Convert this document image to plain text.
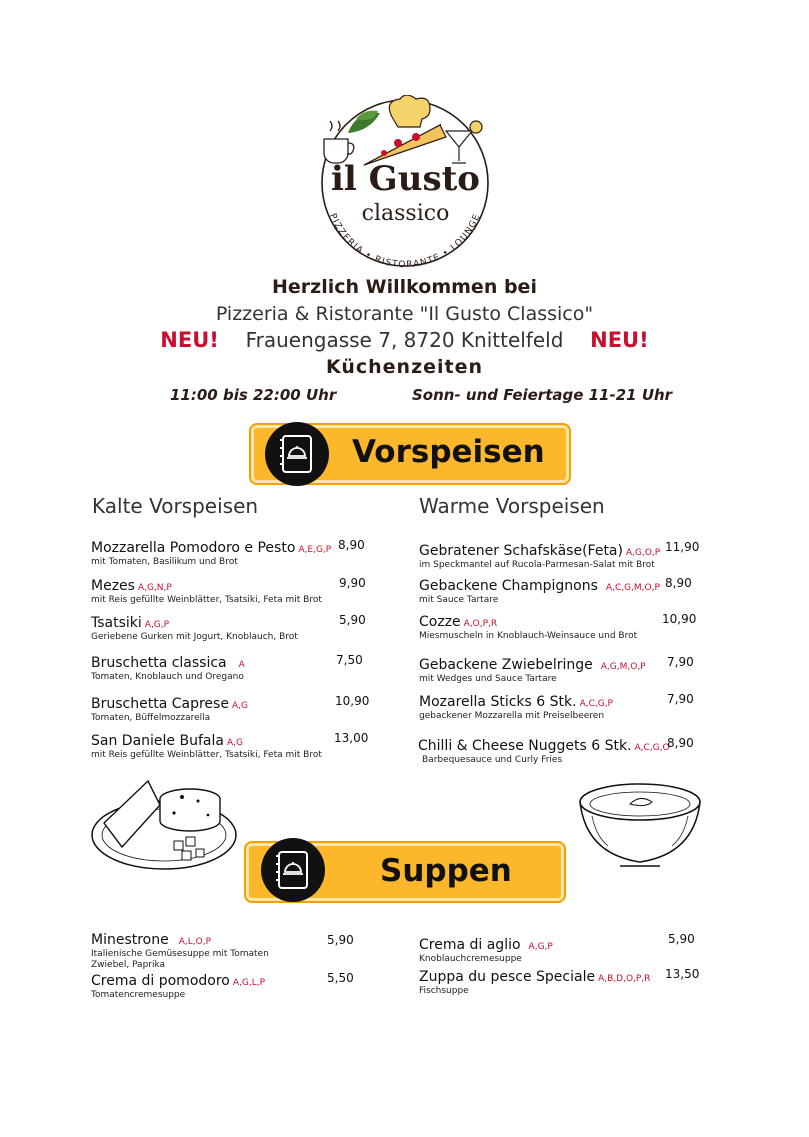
PIZZERIA • RISTORANTE • LOUNGE
il Gusto
classico
Herzlich Willkommen bei
Pizzeria & Ristorante "Il Gusto Classico"
NEU! Frauengasse 7, 8720 Knittelfeld NEU!
Küchenzeiten
11:00 bis 22:00 Uhr	Sonn- und Feiertage 11-21 Uhr
Vorspeisen
Kalte Vorspeisen	Warme Vorspeisen
Mozzarella Pomodoro e Pesto A,E,G,P
mit Tomaten, Basilikum und Brot
8,90
Mezes A,G,N,P
mit Reis gefüllte Weinblätter, Tsatsiki, Feta mit Brot
9,90
Tsatsiki A,G,P
Geriebene Gurken mit Jogurt, Knoblauch, Brot
5,90
Bruschetta classica A
Tomaten, Knoblauch und Oregano
7,50
Bruschetta Caprese A,G
Tomaten, Büffelmozzarella
10,90
San Daniele Bufala A,G
mit Reis gefüllte Weinblätter, Tsatsiki, Feta mit Brot
13,00
Gebratener Schafskäse(Feta) A,G,O,P
im Speckmantel auf Rucola-Parmesan-Salat mit Brot
11,90
Gebackene Champignons A,C,G,M,O,P
mit Sauce Tartare
8,90
Cozze A,O,P,R
Miesmuscheln in Knoblauch-Weinsauce und Brot
10,90
Gebackene Zwiebelringe A,G,M,O,P
mit Wedges und Sauce Tartare
7,90
Mozarella Sticks 6 Stk. A,C,G,P
gebackener Mozzarella mit Preiselbeeren
7,90
Chilli & Cheese Nuggets 6 Stk. A,C,G,O
Barbequesauce und Curly Fries
8,90
Suppen
Minestrone A,L,O,P
Italienische Gemüsesuppe mit Tomaten
Zwiebel, Paprika
5,90
Crema di pomodoro A,G,L,P
Tomatencremesuppe
5,50
Crema di aglio A,G,P
Knoblauchcremesuppe
5,90
Zuppa du pesce Speciale A,B,D,O,P,R
Fischsuppe
13,50
